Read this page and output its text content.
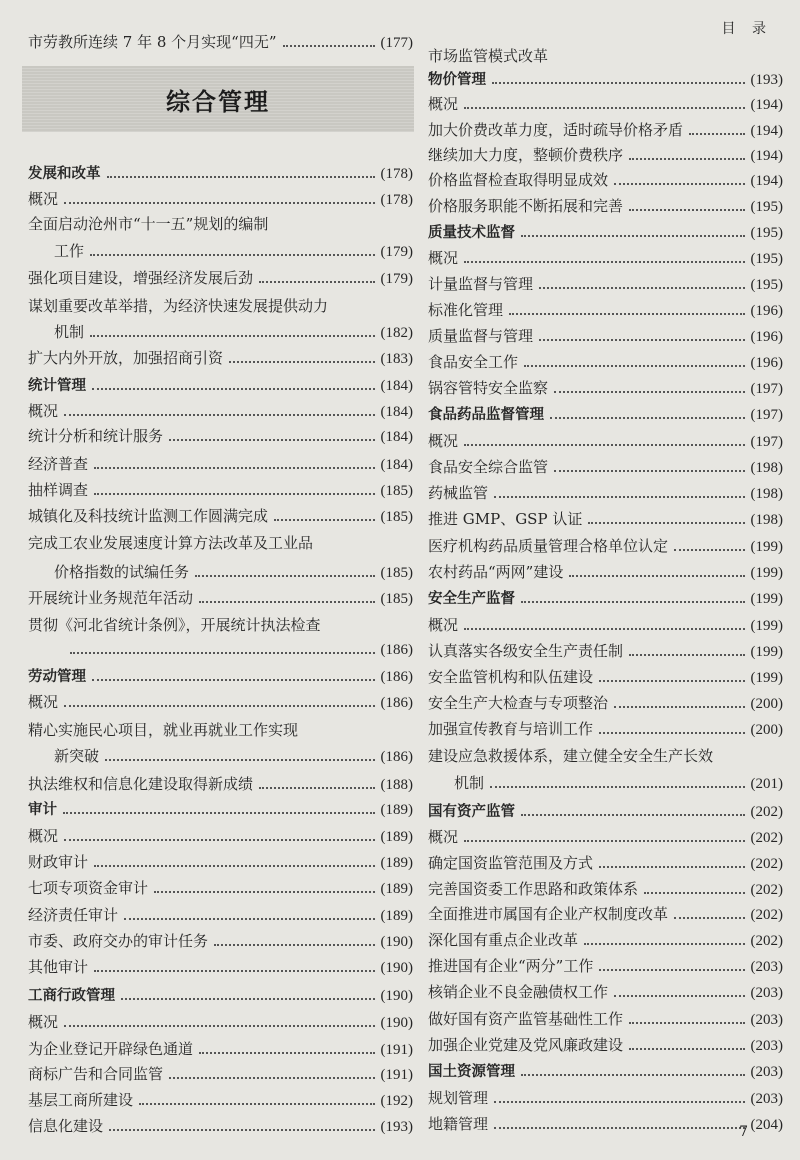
目 录
综合管理
市劳教所连续 7 年 8 个月实现“四无”	(177)
发展和改革	(178)
概况	(178)
全面启动沧州市“十一五”规划的编制
工作	(179)
强化项目建设，增强经济发展后劲	(179)
谋划重要改革举措，为经济快速发展提供动力
机制	(182)
扩大内外开放，加强招商引资	(183)
统计管理	(184)
概况	(184)
统计分析和统计服务	(184)
经济普查	(184)
抽样调查	(185)
城镇化及科技统计监测工作圆满完成	(185)
完成工农业发展速度计算方法改革及工业品
价格指数的试编任务	(185)
开展统计业务规范年活动	(185)
贯彻《河北省统计条例》，开展统计执法检查
(186)
劳动管理	(186)
概况	(186)
精心实施民心项目，就业再就业工作实现
新突破	(186)
执法维权和信息化建设取得新成绩	(188)
审计	(189)
概况	(189)
财政审计	(189)
七项专项资金审计	(189)
经济责任审计	(189)
市委、政府交办的审计任务	(190)
其他审计	(190)
工商行政管理	(190)
概况	(190)
为企业登记开辟绿色通道	(191)
商标广告和合同监管	(191)
基层工商所建设	(192)
信息化建设	(193)
市场监管模式改革
物价管理	(193)
概况	(194)
加大价费改革力度，适时疏导价格矛盾	(194)
继续加大力度，整顿价费秩序	(194)
价格监督检查取得明显成效	(194)
价格服务职能不断拓展和完善	(195)
质量技术监督	(195)
概况	(195)
计量监督与管理	(195)
标准化管理	(196)
质量监督与管理	(196)
食品安全工作	(196)
锅容管特安全监察	(197)
食品药品监督管理	(197)
概况	(197)
食品安全综合监管	(198)
药械监管	(198)
推进 GMP、GSP 认证	(198)
医疗机构药品质量管理合格单位认定	(199)
农村药品“两网”建设	(199)
安全生产监督	(199)
概况	(199)
认真落实各级安全生产责任制	(199)
安全监管机构和队伍建设	(199)
安全生产大检查与专项整治	(200)
加强宣传教育与培训工作	(200)
建设应急救援体系，建立健全安全生产长效
机制	(201)
国有资产监管	(202)
概况	(202)
确定国资监管范围及方式	(202)
完善国资委工作思路和政策体系	(202)
全面推进市属国有企业产权制度改革	(202)
深化国有重点企业改革	(202)
推进国有企业“两分”工作	(203)
核销企业不良金融债权工作	(203)
做好国有资产监管基础性工作	(203)
加强企业党建及党风廉政建设	(203)
国土资源管理	(203)
规划管理	(203)
地籍管理	(204)
7
